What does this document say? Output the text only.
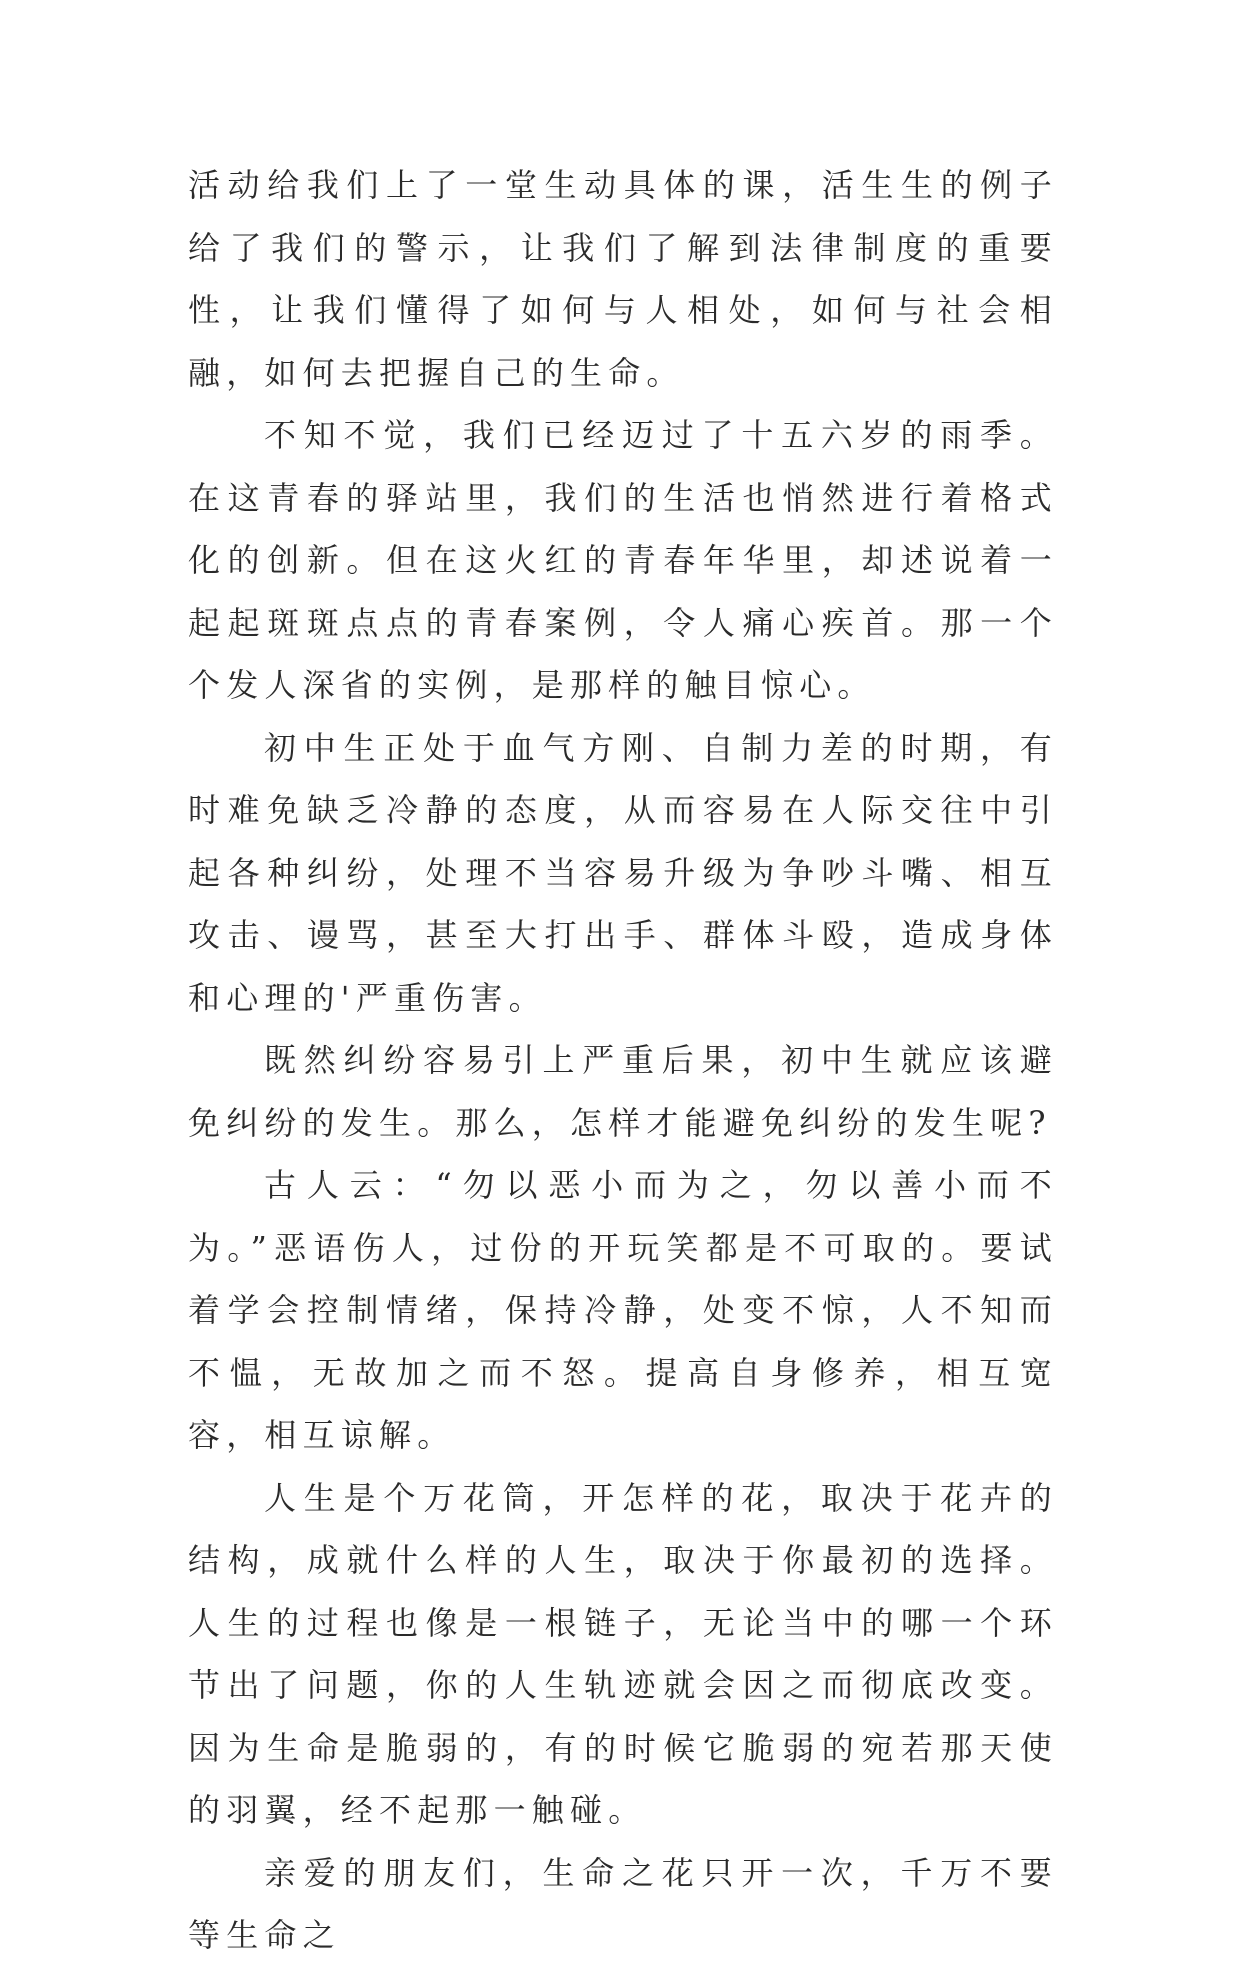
活动给我们上了一堂生动具体的课，活生生的例子给了我们的警示，让我们了解到法律制度的重要性，让我们懂得了如何与人相处，如何与社会相融，如何去把握自己的生命。

不知不觉，我们已经迈过了十五六岁的雨季。在这青春的驿站里，我们的生活也悄然进行着格式化的创新。但在这火红的青春年华里，却述说着一起起斑斑点点的青春案例，令人痛心疾首。那一个个发人深省的实例，是那样的触目惊心。

初中生正处于血气方刚、自制力差的时期，有时难免缺乏冷静的态度，从而容易在人际交往中引起各种纠纷，处理不当容易升级为争吵斗嘴、相互攻击、谩骂，甚至大打出手、群体斗殴，造成身体和心理的'严重伤害。

既然纠纷容易引上严重后果，初中生就应该避免纠纷的发生。那么，怎样才能避免纠纷的发生呢?

古人云：“勿以恶小而为之，勿以善小而不为。”恶语伤人，过份的开玩笑都是不可取的。要试着学会控制情绪，保持冷静，处变不惊，人不知而不愠，无故加之而不怒。提高自身修养，相互宽容，相互谅解。

人生是个万花筒，开怎样的花，取决于花卉的结构，成就什么样的人生，取决于你最初的选择。人生的过程也像是一根链子，无论当中的哪一个环节出了问题，你的人生轨迹就会因之而彻底改变。因为生命是脆弱的，有的时候它脆弱的宛若那天使的羽翼，经不起那一触碰。

亲爱的朋友们，生命之花只开一次，千万不要等生命之
